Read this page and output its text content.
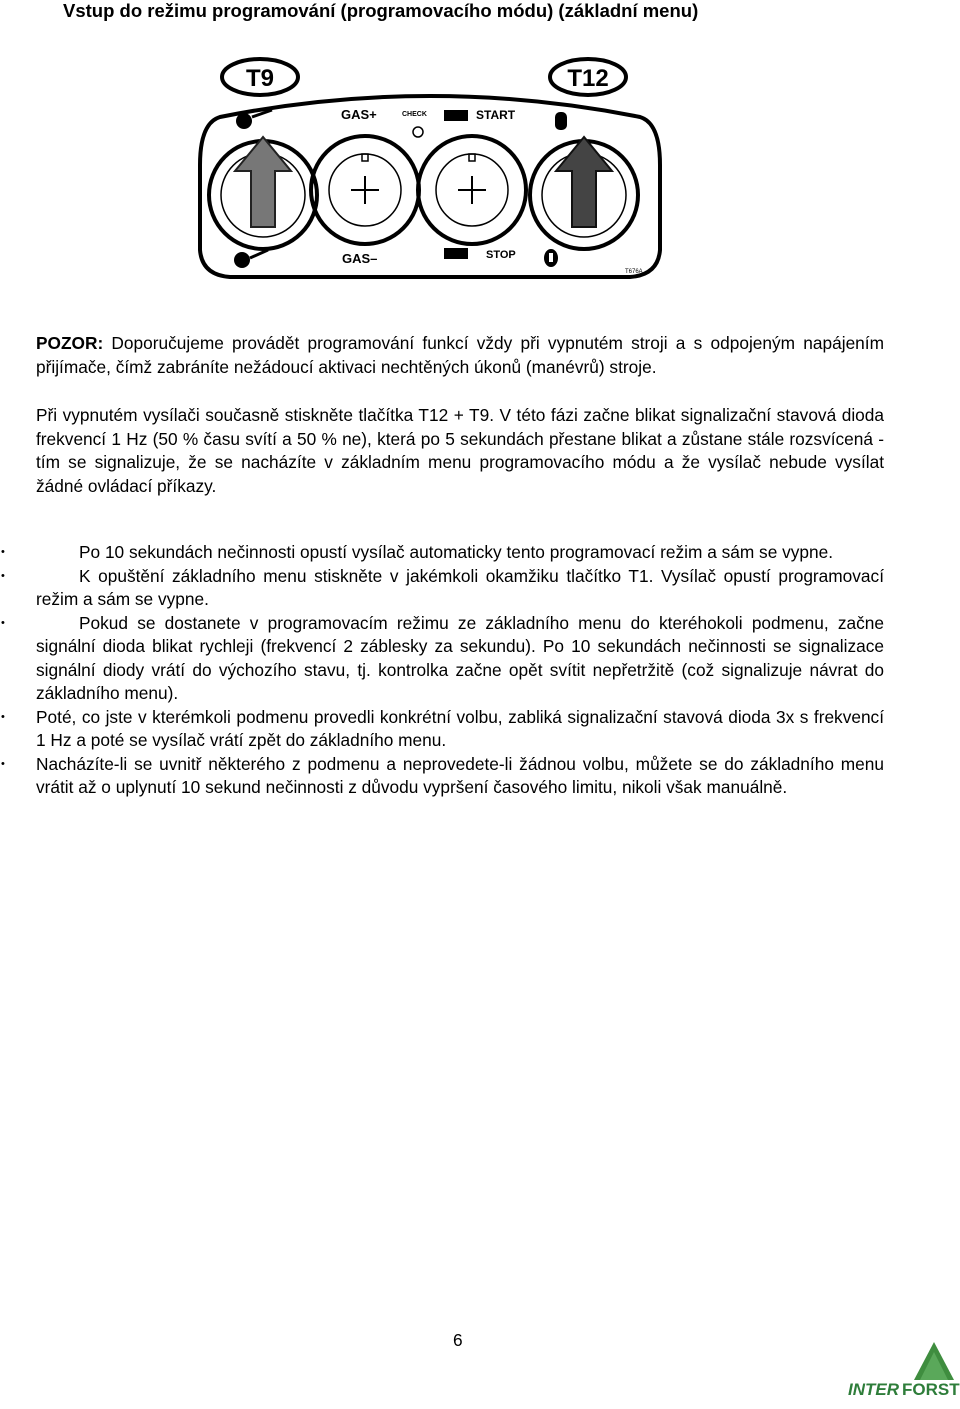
Vstup do režimu programování (programovacího módu) (základní menu)
T9	T12
GAS+	CHECK	START
GAS–	STOP
T676A
POZOR: Doporučujeme provádět programování funkcí vždy při vypnutém stroji a s odpojeným napájením přijímače, čímž zabráníte nežádoucí aktivaci nechtěných úkonů (manévrů) stroje.
Při vypnutém vysílači současně stiskněte tlačítka T12 + T9. V této fázi začne blikat signalizační stavová dioda frekvencí 1 Hz (50 % času svítí a 50 % ne), která po 5 sekundách přestane blikat a zůstane stále rozsvícená - tím se signalizuje, že se nacházíte v základním menu programovacího módu a že vysílač nebude vysílat žádné ovládací příkazy.
•	Po 10 sekundách nečinnosti opustí vysílač automaticky tento programovací režim a sám se vypne.
•	K opuštění základního menu stiskněte v jakémkoli okamžiku tlačítko T1. Vysílač opustí programovací režim a sám se vypne.
•	Pokud se dostanete v programovacím režimu ze základního menu do kteréhokoli podmenu, začne signální dioda blikat rychleji (frekvencí 2 záblesky za sekundu). Po 10 sekundách nečinnosti se signalizace signální diody vrátí do výchozího stavu, tj. kontrolka začne opět svítit nepřetržitě (což signalizuje návrat do základního menu).
• Poté, co jste v kterémkoli podmenu provedli konkrétní volbu, zabliká signalizační stavová dioda 3x s frekvencí 1 Hz a poté se vysílač vrátí zpět do základního menu.
• Nacházíte-li se uvnitř některého z podmenu a neprovedete-li žádnou volbu, můžete se do základního menu vrátit až o uplynutí 10 sekund nečinnosti z důvodu vypršení časového limitu, nikoli však manuálně.
6
INTER FORST
